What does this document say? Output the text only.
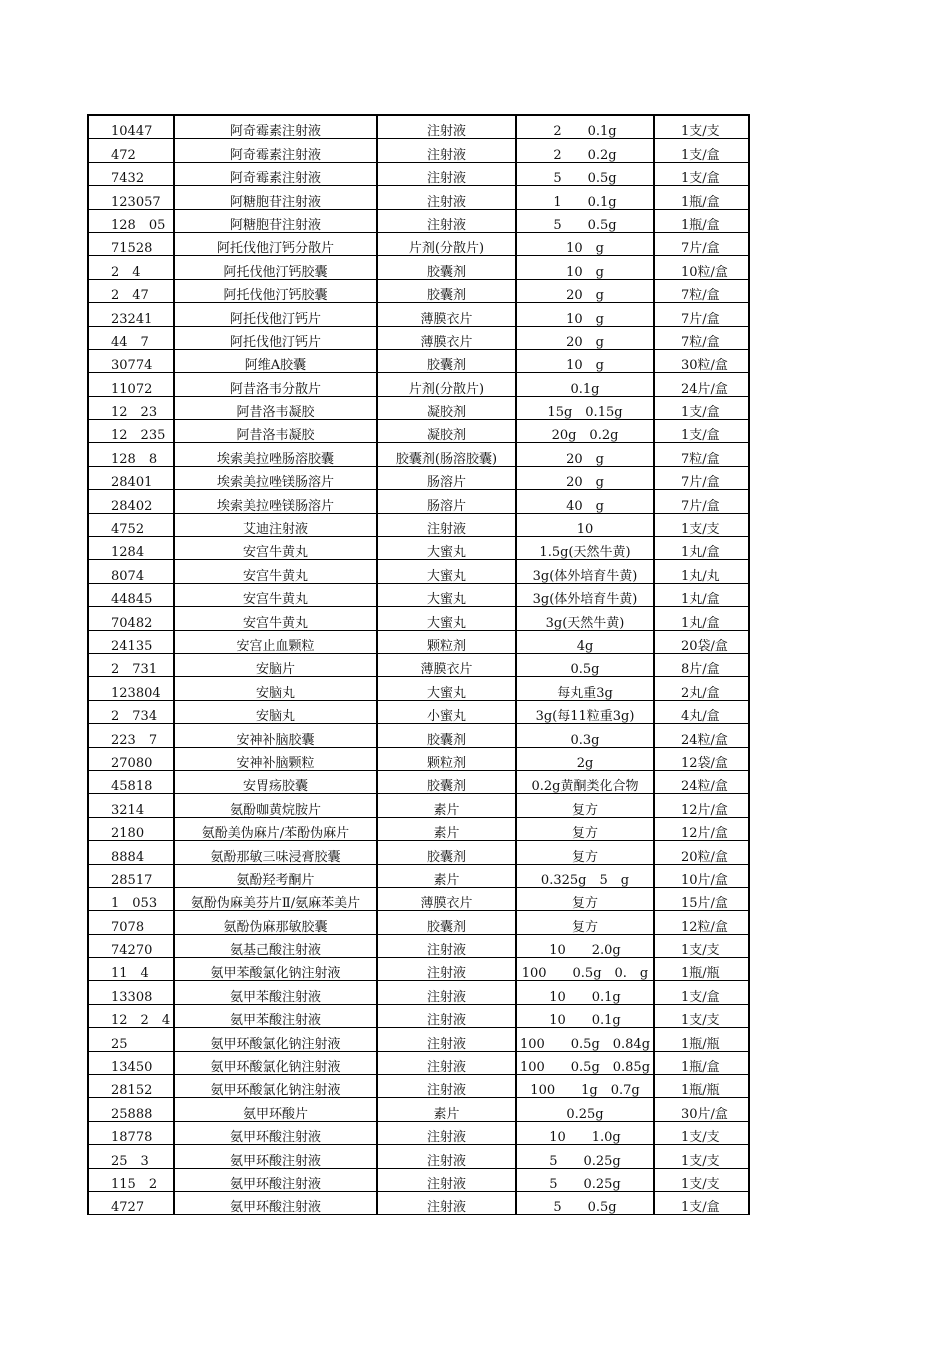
10447	阿奇霉素注射液	注射液	2　　0.1g	1支/支
472	阿奇霉素注射液	注射液	2　　0.2g	1支/盒
7432	阿奇霉素注射液	注射液	5　　0.5g	1支/盒
123057	阿糖胞苷注射液	注射液	1　　0.1g	1瓶/盒
128　05	阿糖胞苷注射液	注射液	5　　0.5g	1瓶/盒
71528	阿托伐他汀钙分散片	片剂(分散片)	10　g	7片/盒
2　4	阿托伐他汀钙胶囊	胶囊剂	10　g	10粒/盒
2　47	阿托伐他汀钙胶囊	胶囊剂	20　g	7粒/盒
23241	阿托伐他汀钙片	薄膜衣片	10　g	7片/盒
44　7	阿托伐他汀钙片	薄膜衣片	20　g	7粒/盒
30774	阿维A胶囊	胶囊剂	10　g	30粒/盒
11072	阿昔洛韦分散片	片剂(分散片)	0.1g	24片/盒
12　23	阿昔洛韦凝胶	凝胶剂	15g　0.15g	1支/盒
12　235	阿昔洛韦凝胶	凝胶剂	20g　0.2g	1支/盒
128　8	埃索美拉唑肠溶胶囊	胶囊剂(肠溶胶囊)	20　g	7粒/盒
28401	埃索美拉唑镁肠溶片	肠溶片	20　g	7片/盒
28402	埃索美拉唑镁肠溶片	肠溶片	40　g	7片/盒
4752	艾迪注射液	注射液	10	1支/支
1284	安宫牛黄丸	大蜜丸	1.5g(天然牛黄)	1丸/盒
8074	安宫牛黄丸	大蜜丸	3g(体外培育牛黄)	1丸/丸
44845	安宫牛黄丸	大蜜丸	3g(体外培育牛黄)	1丸/盒
70482	安宫牛黄丸	大蜜丸	3g(天然牛黄)	1丸/盒
24135	安宫止血颗粒	颗粒剂	4g	20袋/盒
2　731	安脑片	薄膜衣片	0.5g	8片/盒
123804	安脑丸	大蜜丸	每丸重3g	2丸/盒
2　734	安脑丸	小蜜丸	3g(每11粒重3g)	4丸/盒
223　7	安神补脑胶囊	胶囊剂	0.3g	24粒/盒
27080	安神补脑颗粒	颗粒剂	2g	12袋/盒
45818	安胃疡胶囊	胶囊剂	0.2g黄酮类化合物	24粒/盒
3214	氨酚咖黄烷胺片	素片	复方	12片/盒
2180	氨酚美伪麻片/苯酚伪麻片	素片	复方	12片/盒
8884	氨酚那敏三味浸膏胶囊	胶囊剂	复方	20粒/盒
28517	氨酚羟考酮片	素片	0.325g　5　g	10片/盒
1　053	氨酚伪麻美芬片Ⅱ/氨麻苯美片	薄膜衣片	复方	15片/盒
7078	氨酚伪麻那敏胶囊	胶囊剂	复方	12粒/盒
74270	氨基己酸注射液	注射液	10　　2.0g	1支/支
11　4	氨甲苯酸氯化钠注射液	注射液	100　　0.5g　0.　g	1瓶/瓶
13308	氨甲苯酸注射液	注射液	10　　0.1g	1支/盒
12　2　4	氨甲苯酸注射液	注射液	10　　0.1g	1支/支
25	氨甲环酸氯化钠注射液	注射液	100　　0.5g　0.84g	1瓶/瓶
13450	氨甲环酸氯化钠注射液	注射液	100　　0.5g　0.85g	1瓶/盒
28152	氨甲环酸氯化钠注射液	注射液	100　　1g　0.7g	1瓶/瓶
25888	氨甲环酸片	素片	0.25g	30片/盒
18778	氨甲环酸注射液	注射液	10　　1.0g	1支/支
25　3	氨甲环酸注射液	注射液	5　　0.25g	1支/支
115　2	氨甲环酸注射液	注射液	5　　0.25g	1支/支
4727	氨甲环酸注射液	注射液	5　　0.5g	1支/盒
